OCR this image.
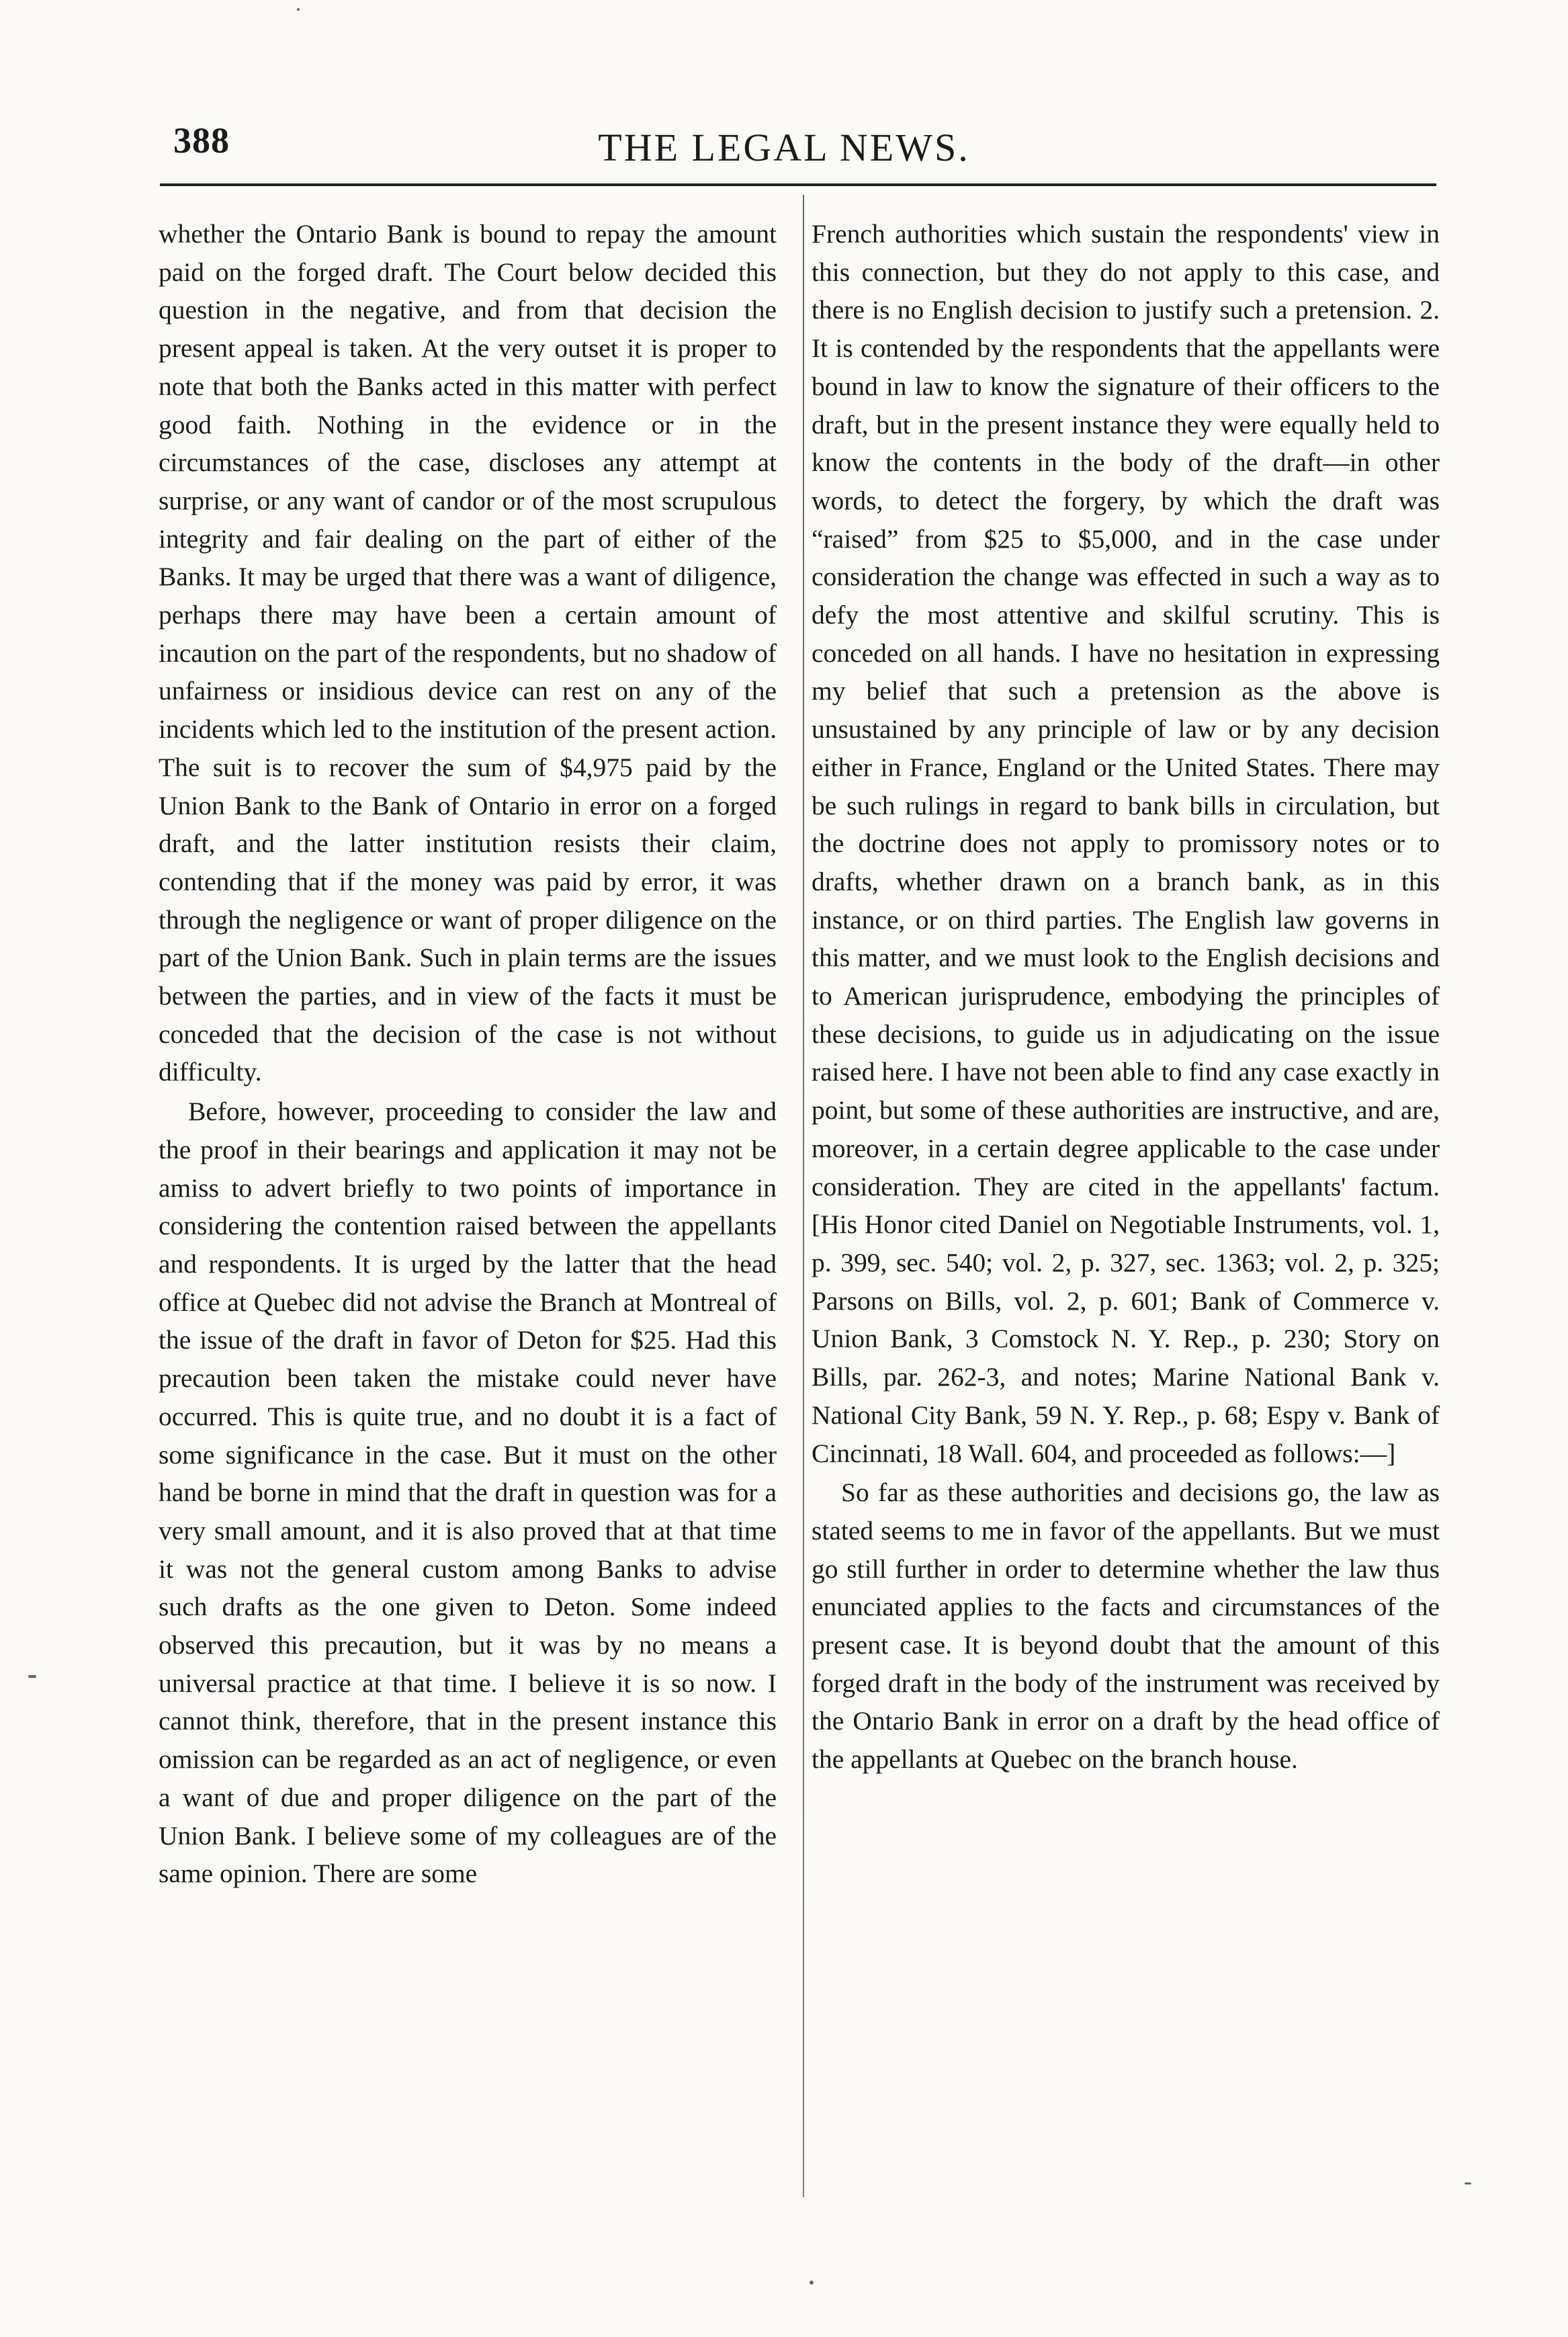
388	THE LEGAL NEWS.

whether the Ontario Bank is bound to repay the amount paid on the forged draft. The Court below decided this question in the negative, and from that decision the present appeal is taken. At the very outset it is proper to note that both the Banks acted in this matter with perfect good faith. Nothing in the evidence or in the circumstances of the case, discloses any attempt at surprise, or any want of candor or of the most scrupulous integrity and fair dealing on the part of either of the Banks. It may be urged that there was a want of diligence, perhaps there may have been a certain amount of incaution on the part of the respondents, but no shadow of unfairness or insidious device can rest on any of the incidents which led to the institution of the present action. The suit is to recover the sum of $4,975 paid by the Union Bank to the Bank of Ontario in error on a forged draft, and the latter institution resists their claim, contending that if the money was paid by error, it was through the negligence or want of proper diligence on the part of the Union Bank. Such in plain terms are the issues between the parties, and in view of the facts it must be conceded that the decision of the case is not without difficulty.

Before, however, proceeding to consider the law and the proof in their bearings and application it may not be amiss to advert briefly to two points of importance in considering the contention raised between the appellants and respondents. It is urged by the latter that the head office at Quebec did not advise the Branch at Montreal of the issue of the draft in favor of Deton for $25. Had this precaution been taken the mistake could never have occurred. This is quite true, and no doubt it is a fact of some significance in the case. But it must on the other hand be borne in mind that the draft in question was for a very small amount, and it is also proved that at that time it was not the general custom among Banks to advise such drafts as the one given to Deton. Some indeed observed this precaution, but it was by no means a universal practice at that time. I believe it is so now. I cannot think, therefore, that in the present instance this omission can be regarded as an act of negligence, or even a want of due and proper diligence on the part of the Union Bank. I believe some of my colleagues are of the same opinion. There are some

French authorities which sustain the respondents' view in this connection, but they do not apply to this case, and there is no English decision to justify such a pretension. 2. It is contended by the respondents that the appellants were bound in law to know the signature of their officers to the draft, but in the present instance they were equally held to know the contents in the body of the draft—in other words, to detect the forgery, by which the draft was “raised” from $25 to $5,000, and in the case under consideration the change was effected in such a way as to defy the most attentive and skilful scrutiny. This is conceded on all hands. I have no hesitation in expressing my belief that such a pretension as the above is unsustained by any principle of law or by any decision either in France, England or the United States. There may be such rulings in regard to bank bills in circulation, but the doctrine does not apply to promissory notes or to drafts, whether drawn on a branch bank, as in this instance, or on third parties. The English law governs in this matter, and we must look to the English decisions and to American jurisprudence, embodying the principles of these decisions, to guide us in adjudicating on the issue raised here. I have not been able to find any case exactly in point, but some of these authorities are instructive, and are, moreover, in a certain degree applicable to the case under consideration. They are cited in the appellants' factum. [His Honor cited Daniel on Negotiable Instruments, vol. 1, p. 399, sec. 540; vol. 2, p. 327, sec. 1363; vol. 2, p. 325; Parsons on Bills, vol. 2, p. 601; Bank of Commerce v. Union Bank, 3 Comstock N. Y. Rep., p. 230; Story on Bills, par. 262-3, and notes; Marine National Bank v. National City Bank, 59 N. Y. Rep., p. 68; Espy v. Bank of Cincinnati, 18 Wall. 604, and proceeded as follows:—]

So far as these authorities and decisions go, the law as stated seems to me in favor of the appellants. But we must go still further in order to determine whether the law thus enunciated applies to the facts and circumstances of the present case. It is beyond doubt that the amount of this forged draft in the body of the instrument was received by the Ontario Bank in error on a draft by the head office of the appellants at Quebec on the branch house.
